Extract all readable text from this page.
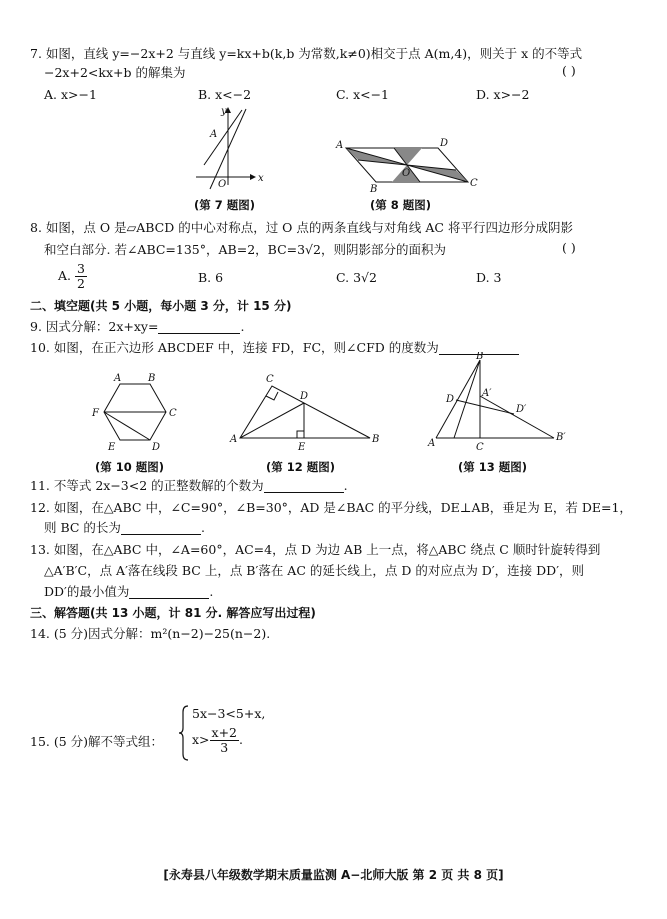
7. 如图，直线 y=−2x+2 与直线 y=kx+b(k,b 为常数,k≠0)相交于点 A(m,4)，则关于 x 的不等式
−2x+2<kx+b 的解集为	( )
A. x>−1	B. x<−2	C. x<−1	D. x>−2
y
x
A
O
(第 7 题图)
A	D
O
B
C
(第 8 题图)
8. 如图，点 O 是▱ABCD 的中心对称点，过 O 点的两条直线与对角线 AC 将平行四边形分成阴影
和空白部分. 若∠ABC=135°，AB=2，BC=3√2，则阴影部分的面积为	( )
A. $\frac{3}{2}$	B. 6	C. 3√2	D. 3
二、填空题(共 5 小题，每小题 3 分，计 15 分)
9. 因式分解：2x+xy=	.
10. 如图，在正六边形 ABCDEF 中，连接 FD，FC，则∠CFD 的度数为
A	B
C
D
E
F
(第 10 题图)
A	B
C
D
E
(第 12 题图)
B
A′
D
D′
B′
A	C
(第 13 题图)
11. 不等式 2x−3<2 的正整数解的个数为	.
12. 如图，在△ABC 中，∠C=90°，∠B=30°，AD 是∠BAC 的平分线，DE⊥AB，垂足为 E，若 DE=1，
则 BC 的长为	.
13. 如图，在△ABC 中，∠A=60°，AC=4，点 D 为边 AB 上一点，将△ABC 绕点 C 顺时针旋转得到
△A′B′C，点 A′落在线段 BC 上，点 B′落在 AC 的延长线上，点 D 的对应点为 D′，连接 DD′，则
DD′的最小值为	.
三、解答题(共 13 小题，计 81 分. 解答应写出过程)
14. (5 分)因式分解：m²(n−2)−25(n−2).
15. (5 分)解不等式组：
5x−3<5+x,
$x> \frac{x+2}{3}$ .
[永寿县八年级数学期末质量监测 A−北师大版 第 2 页 共 8 页]
